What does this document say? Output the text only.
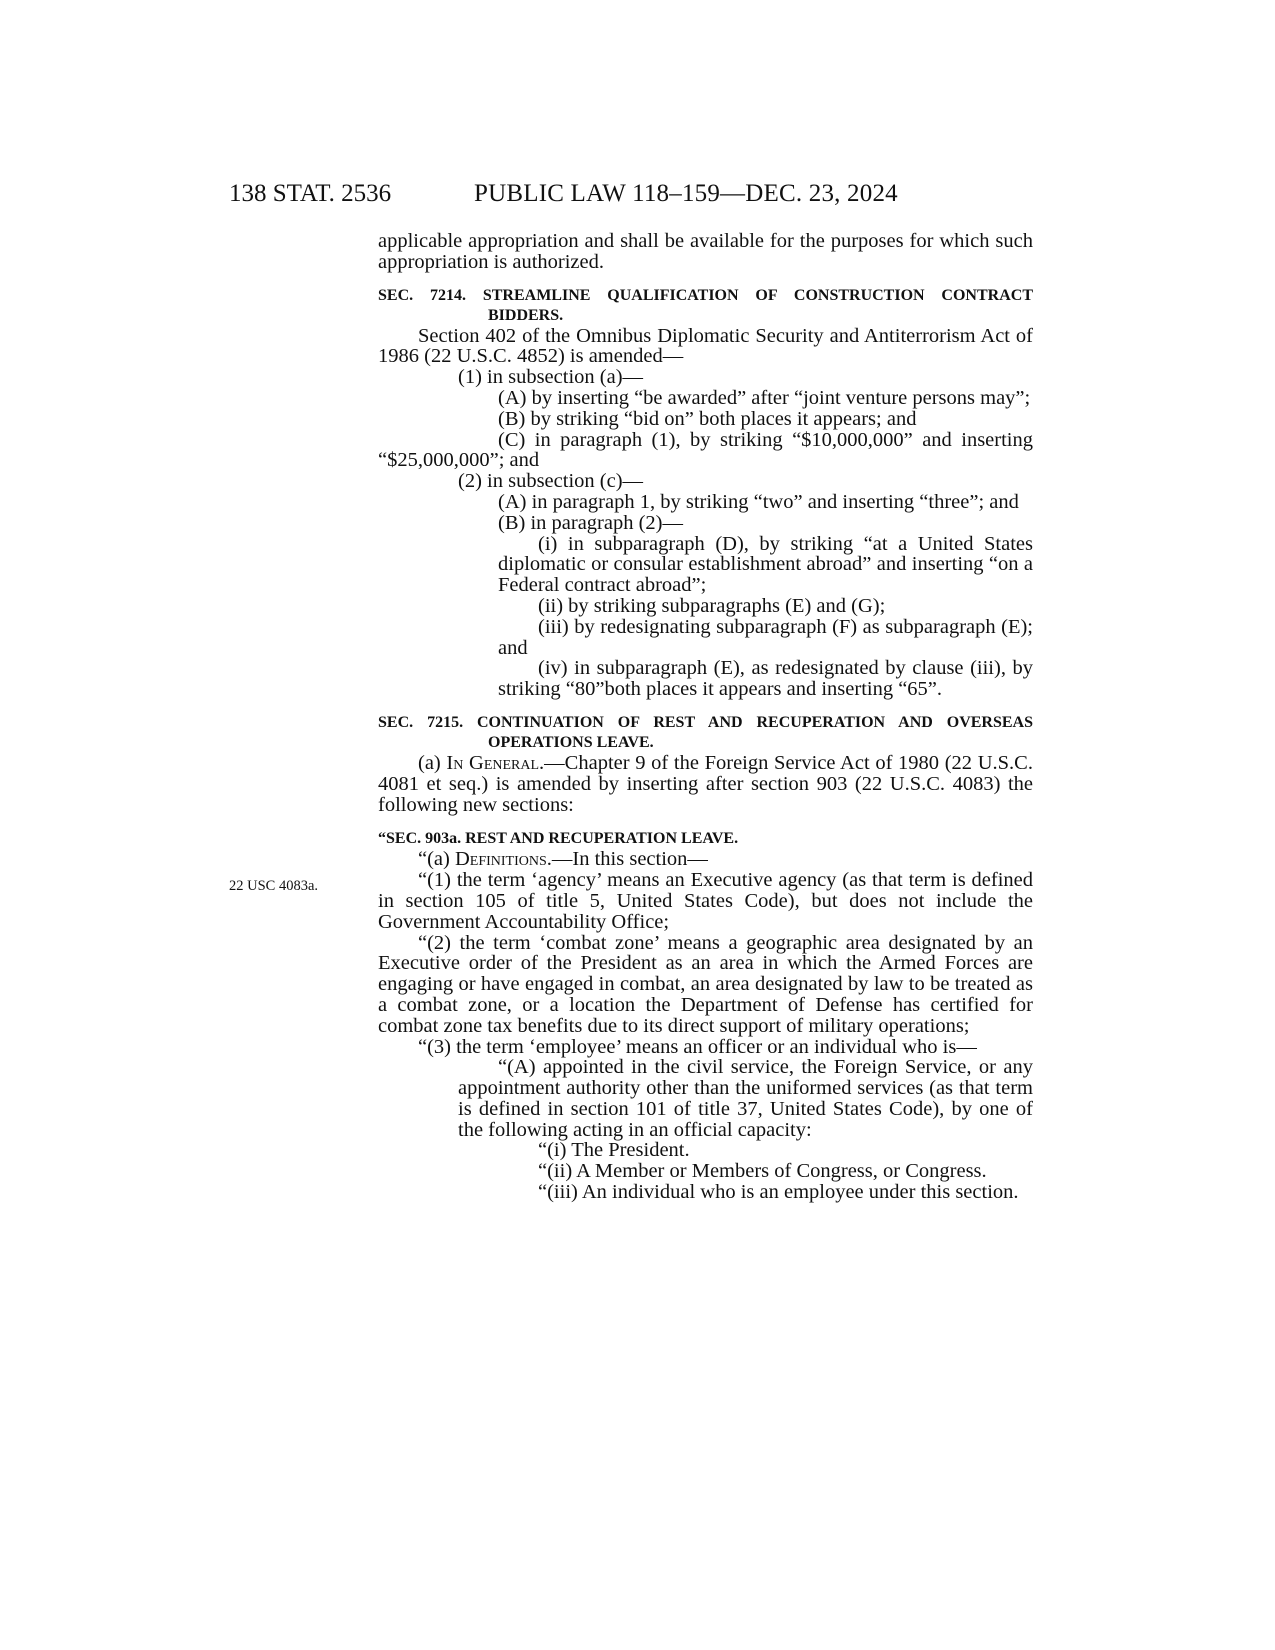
138 STAT. 2536	PUBLIC LAW 118–159—DEC. 23, 2024
22 USC 4083a.

applicable appropriation and shall be available for the purposes for which such appropriation is authorized.

SEC. 7214. STREAMLINE QUALIFICATION OF CONSTRUCTION CONTRACT BIDDERS.

Section 402 of the Omnibus Diplomatic Security and Antiterrorism Act of 1986 (22 U.S.C. 4852) is amended—

(1) in subsection (a)—

(A) by inserting “be awarded” after “joint venture persons may”;

(B) by striking “bid on” both places it appears; and

(C) in paragraph (1), by striking “$10,000,000” and inserting “$25,000,000”; and

(2) in subsection (c)—

(A) in paragraph 1, by striking “two” and inserting “three”; and

(B) in paragraph (2)—

(i) in subparagraph (D), by striking “at a United States diplomatic or consular establishment abroad” and inserting “on a Federal contract abroad”;

(ii) by striking subparagraphs (E) and (G);

(iii) by redesignating subparagraph (F) as subparagraph (E); and

(iv) in subparagraph (E), as redesignated by clause (iii), by striking “80”both places it appears and inserting “65”.

SEC. 7215. CONTINUATION OF REST AND RECUPERATION AND OVERSEAS OPERATIONS LEAVE.

(a) In General.—Chapter 9 of the Foreign Service Act of 1980 (22 U.S.C. 4081 et seq.) is amended by inserting after section 903 (22 U.S.C. 4083) the following new sections:

“SEC. 903a. REST AND RECUPERATION LEAVE.

“(a) Definitions.—In this section—

“(1) the term ‘agency’ means an Executive agency (as that term is defined in section 105 of title 5, United States Code), but does not include the Government Accountability Office;

“(2) the term ‘combat zone’ means a geographic area designated by an Executive order of the President as an area in which the Armed Forces are engaging or have engaged in combat, an area designated by law to be treated as a combat zone, or a location the Department of Defense has certified for combat zone tax benefits due to its direct support of military operations;

“(3) the term ‘employee’ means an officer or an individual who is—

“(A) appointed in the civil service, the Foreign Service, or any appointment authority other than the uniformed services (as that term is defined in section 101 of title 37, United States Code), by one of the following acting in an official capacity:

“(i) The President.

“(ii) A Member or Members of Congress, or Congress.

“(iii) An individual who is an employee under this section.
